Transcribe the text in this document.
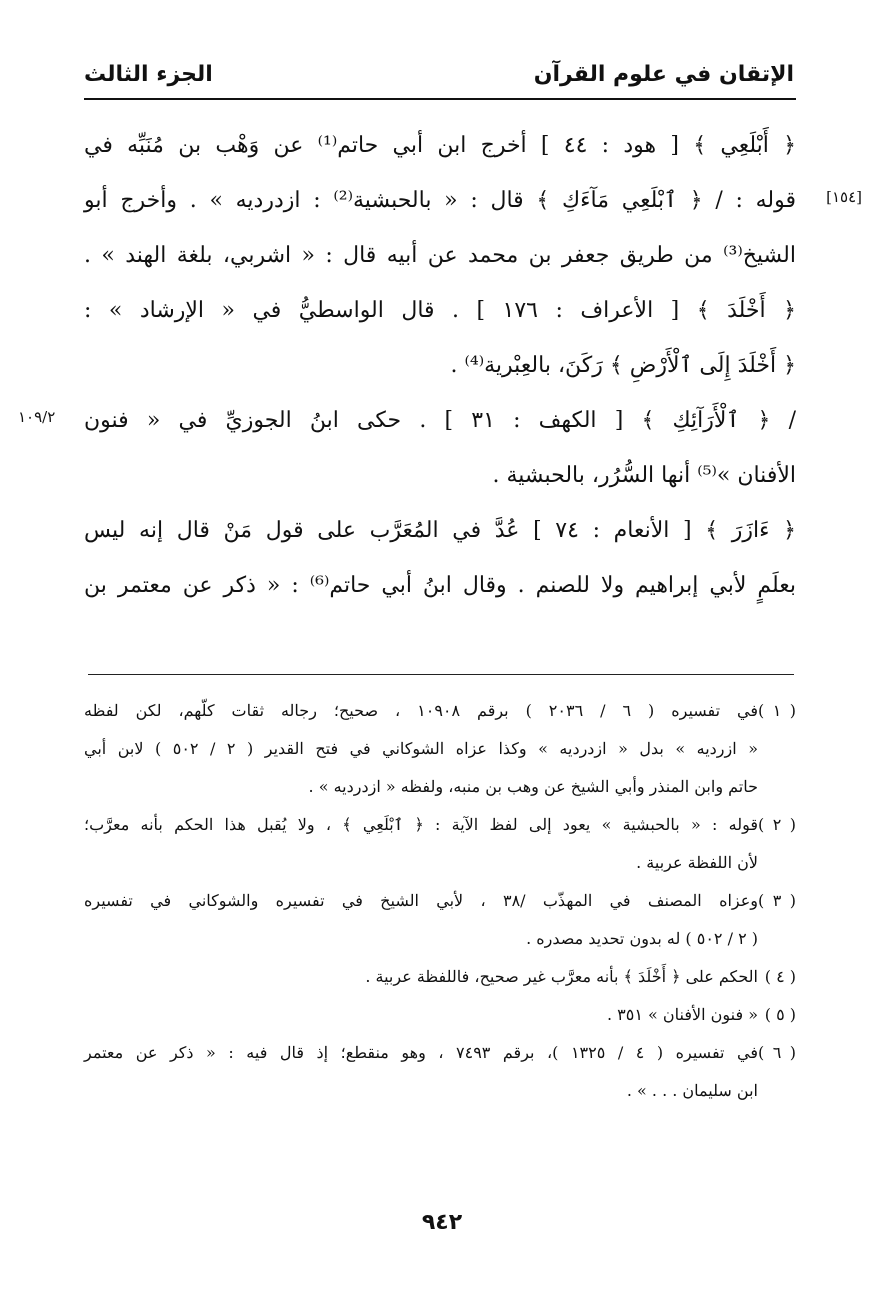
الإتقان في علوم القرآن
الجزء الثالث
﴿ أَبْلَعِي ﴾ [ هود : ٤٤ ] أخرج ابن أبي حاتم⁽¹⁾ عن وَهْب بن مُنَبِّه في
قوله : / ﴿ ٱبْلَعِي مَآءَكِ ﴾ قال : « بالحبشية⁽²⁾ : ازدرديه » . وأخرج أبو
الشيخ⁽³⁾ من طريق جعفر بن محمد عن أبيه قال : « اشربي، بلغة الهند » .
﴿ أَخْلَدَ ﴾ [ الأعراف : ١٧٦ ] . قال الواسطيُّ في « الإرشاد » :
﴿ أَخْلَدَ إِلَى ٱلْأَرْضِ ﴾ رَكَنَ، بالعِبْرية⁽⁴⁾ .
/ ﴿ ٱلْأَرَآئِكِ ﴾ [ الكهف : ٣١ ] . حكى ابنُ الجوزيِّ في « فنون
الأفنان »⁽⁵⁾ أنها السُّرُر، بالحبشية .
﴿ ءَازَرَ ﴾ [ الأنعام : ٧٤ ] عُدَّ في المُعَرَّب على قول مَنْ قال إنه ليس
بعلَمٍ لأبي إبراهيم ولا للصنم . وقال ابنُ أبي حاتم⁽⁶⁾ : « ذكر عن معتمر بن
[١٥٤]
١٠٩/٢
( ١ )في تفسيره ( ٦ / ٢٠٣٦ ) برقم ١٠٩٠٨ ، صحيح؛ رجاله ثقات كلّهم، لكن لفظه
« ازرديه » بدل « ازدرديه » وكذا عزاه الشوكاني في فتح القدير ( ٢ / ٥٠٢ ) لابن أبي
حاتم وابن المنذر وأبي الشيخ عن وهب بن منبه، ولفظه « ازدرديه » .
( ٢ )قوله : « بالحبشية » يعود إلى لفظ الآية : ﴿ ٱبْلَعِي ﴾ ، ولا يُقبل هذا الحكم بأنه معرَّب؛
لأن اللفظة عربية .
( ٣ )وعزاه المصنف في المهذّب /٣٨ ، لأبي الشيخ في تفسيره والشوكاني في تفسيره
( ٢ / ٥٠٢ ) له بدون تحديد مصدره .
( ٤ )الحكم على ﴿ أَخْلَدَ ﴾ بأنه معرَّب غير صحيح، فاللفظة عربية .
( ٥ )« فنون الأفنان » ٣٥١ .
( ٦ )في تفسيره ( ٤ / ١٣٢٥ )، برقم ٧٤٩٣ ، وهو منقطع؛ إذ قال فيه : « ذكر عن معتمر
ابن سليمان . . . » .
٩٤٢
